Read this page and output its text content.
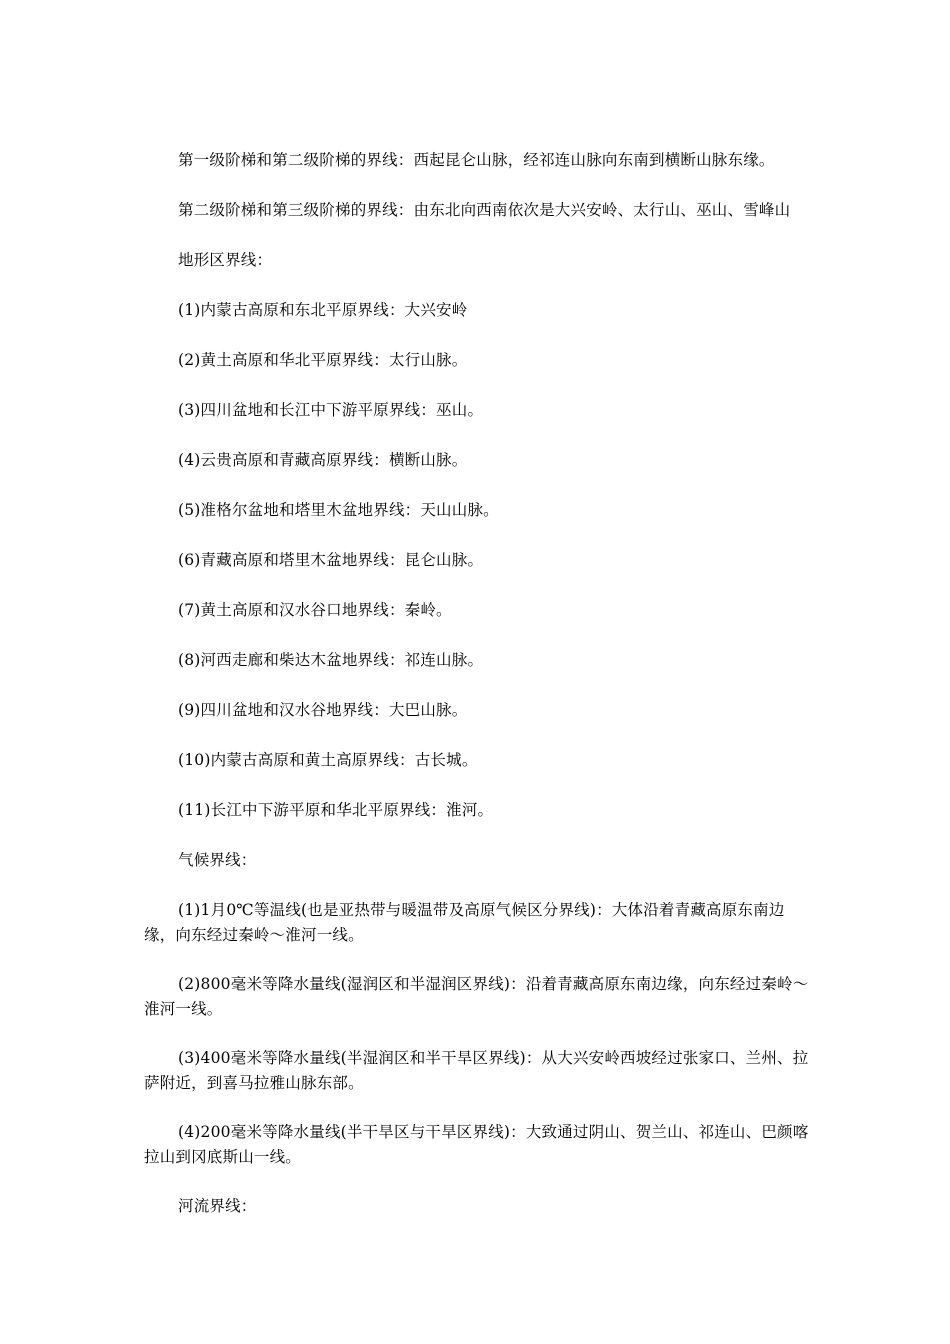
第一级阶梯和第二级阶梯的界线：西起昆仑山脉，经祁连山脉向东南到横断山脉东缘。

第二级阶梯和第三级阶梯的界线：由东北向西南依次是大兴安岭、太行山、巫山、雪峰山

地形区界线：

(1)内蒙古高原和东北平原界线：大兴安岭

(2)黄土高原和华北平原界线：太行山脉。

(3)四川盆地和长江中下游平原界线：巫山。

(4)云贵高原和青藏高原界线：横断山脉。

(5)准格尔盆地和塔里木盆地界线：天山山脉。

(6)青藏高原和塔里木盆地界线：昆仑山脉。

(7)黄土高原和汉水谷口地界线：秦岭。

(8)河西走廊和柴达木盆地界线：祁连山脉。

(9)四川盆地和汉水谷地界线：大巴山脉。

(10)内蒙古高原和黄土高原界线：古长城。

(11)长江中下游平原和华北平原界线：淮河。

气候界线：

(1)1月0℃等温线(也是亚热带与暖温带及高原气候区分界线)：大体沿着青藏高原东南边缘，向东经过秦岭～淮河一线。

(2)800毫米等降水量线(湿润区和半湿润区界线)：沿着青藏高原东南边缘，向东经过秦岭～淮河一线。

(3)400毫米等降水量线(半湿润区和半干旱区界线)：从大兴安岭西坡经过张家口、兰州、拉萨附近，到喜马拉雅山脉东部。

(4)200毫米等降水量线(半干旱区与干旱区界线)：大致通过阴山、贺兰山、祁连山、巴颜喀拉山到冈底斯山一线。

河流界线：
